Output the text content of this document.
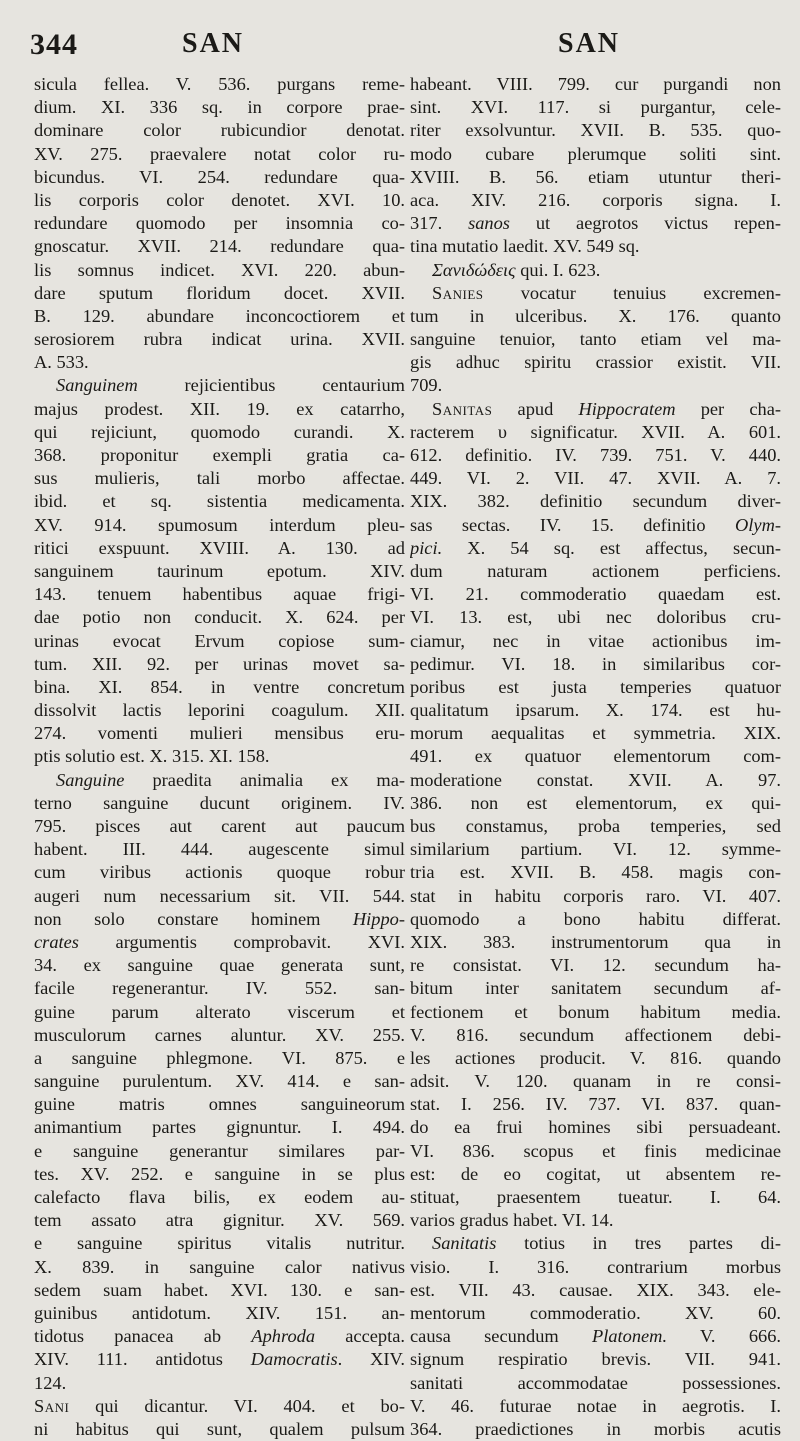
344	SAN	SAN
sicula fellea. V. 536. purgans reme-
dium. XI. 336 sq. in corpore prae-
dominare color rubicundior denotat.
XV. 275. praevalere notat color ru-
bicundus. VI. 254. redundare qua-
lis corporis color denotet. XVI. 10.
redundare quomodo per insomnia co-
gnoscatur. XVII. 214. redundare qua-
lis somnus indicet. XVI. 220. abun-
dare sputum floridum docet. XVII.
B. 129. abundare inconcoctiorem et
serosiorem rubra indicat urina. XVII.
A. 533.
Sanguinem rejicientibus centaurium
majus prodest. XII. 19. ex catarrho,
qui rejiciunt, quomodo curandi. X.
368. proponitur exempli gratia ca-
sus mulieris, tali morbo affectae.
ibid. et sq. sistentia medicamenta.
XV. 914. spumosum interdum pleu-
ritici exspuunt. XVIII. A. 130. ad
sanguinem taurinum epotum. XIV.
143. tenuem habentibus aquae frigi-
dae potio non conducit. X. 624. per
urinas evocat Ervum copiose sum-
tum. XII. 92. per urinas movet sa-
bina. XI. 854. in ventre concretum
dissolvit lactis leporini coagulum. XII.
274. vomenti mulieri mensibus eru-
ptis solutio est. X. 315. XI. 158.
Sanguine praedita animalia ex ma-
terno sanguine ducunt originem. IV.
795. pisces aut carent aut paucum
habent. III. 444. augescente simul
cum viribus actionis quoque robur
augeri num necessarium sit. VII. 544.
non solo constare hominem Hippo-
crates argumentis comprobavit. XVI.
34. ex sanguine quae generata sunt,
facile regenerantur. IV. 552. san-
guine parum alterato viscerum et
musculorum carnes aluntur. XV. 255.
a sanguine phlegmone. VI. 875. e
sanguine purulentum. XV. 414. e san-
guine matris omnes sanguineorum
animantium partes gignuntur. I. 494.
e sanguine generantur similares par-
tes. XV. 252. e sanguine in se plus
calefacto flava bilis, ex eodem au-
tem assato atra gignitur. XV. 569.
e sanguine spiritus vitalis nutritur.
X. 839. in sanguine calor nativus
sedem suam habet. XVI. 130. e san-
guinibus antidotum. XIV. 151. an-
tidotus panacea ab Aphroda accepta.
XIV. 111. antidotus Damocratis. XIV.
124.
Sani qui dicantur. VI. 404. et bo-
ni habitus qui sunt, qualem pulsum
habeant. VIII. 799. cur purgandi non
sint. XVI. 117. si purgantur, cele-
riter exsolvuntur. XVII. B. 535. quo-
modo cubare plerumque soliti sint.
XVIII. B. 56. etiam utuntur theri-
aca. XIV. 216. corporis signa. I.
317. sanos ut aegrotos victus repen-
tina mutatio laedit. XV. 549 sq.
Σανιδώδεις qui. I. 623.
Sanies vocatur tenuius excremen-
tum in ulceribus. X. 176. quanto
sanguine tenuior, tanto etiam vel ma-
gis adhuc spiritu crassior existit. VII.
709.
Sanitas apud Hippocratem per cha-
racterem υ significatur. XVII. A. 601.
612. definitio. IV. 739. 751. V. 440.
449. VI. 2. VII. 47. XVII. A. 7.
XIX. 382. definitio secundum diver-
sas sectas. IV. 15. definitio Olym-
pici. X. 54 sq. est affectus, secun-
dum naturam actionem perficiens.
VI. 21. commoderatio quaedam est.
VI. 13. est, ubi nec doloribus cru-
ciamur, nec in vitae actionibus im-
pedimur. VI. 18. in similaribus cor-
poribus est justa temperies quatuor
qualitatum ipsarum. X. 174. est hu-
morum aequalitas et symmetria. XIX.
491. ex quatuor elementorum com-
moderatione constat. XVII. A. 97.
386. non est elementorum, ex qui-
bus constamus, proba temperies, sed
similarium partium. VI. 12. symme-
tria est. XVII. B. 458. magis con-
stat in habitu corporis raro. VI. 407.
quomodo a bono habitu differat.
XIX. 383. instrumentorum qua in
re consistat. VI. 12. secundum ha-
bitum inter sanitatem secundum af-
fectionem et bonum habitum media.
V. 816. secundum affectionem debi-
les actiones producit. V. 816. quando
adsit. V. 120. quanam in re consi-
stat. I. 256. IV. 737. VI. 837. quan-
do ea frui homines sibi persuadeant.
VI. 836. scopus et finis medicinae
est: de eo cogitat, ut absentem re-
stituat, praesentem tueatur. I. 64.
varios gradus habet. VI. 14.
Sanitatis totius in tres partes di-
visio. I. 316. contrarium morbus
est. VII. 43. causae. XIX. 343. ele-
mentorum commoderatio. XV. 60.
causa secundum Platonem. V. 666.
signum respiratio brevis. VII. 941.
sanitati accommodatae possessiones.
V. 46. futurae notae in aegrotis. I.
364. praedictiones in morbis acutis
